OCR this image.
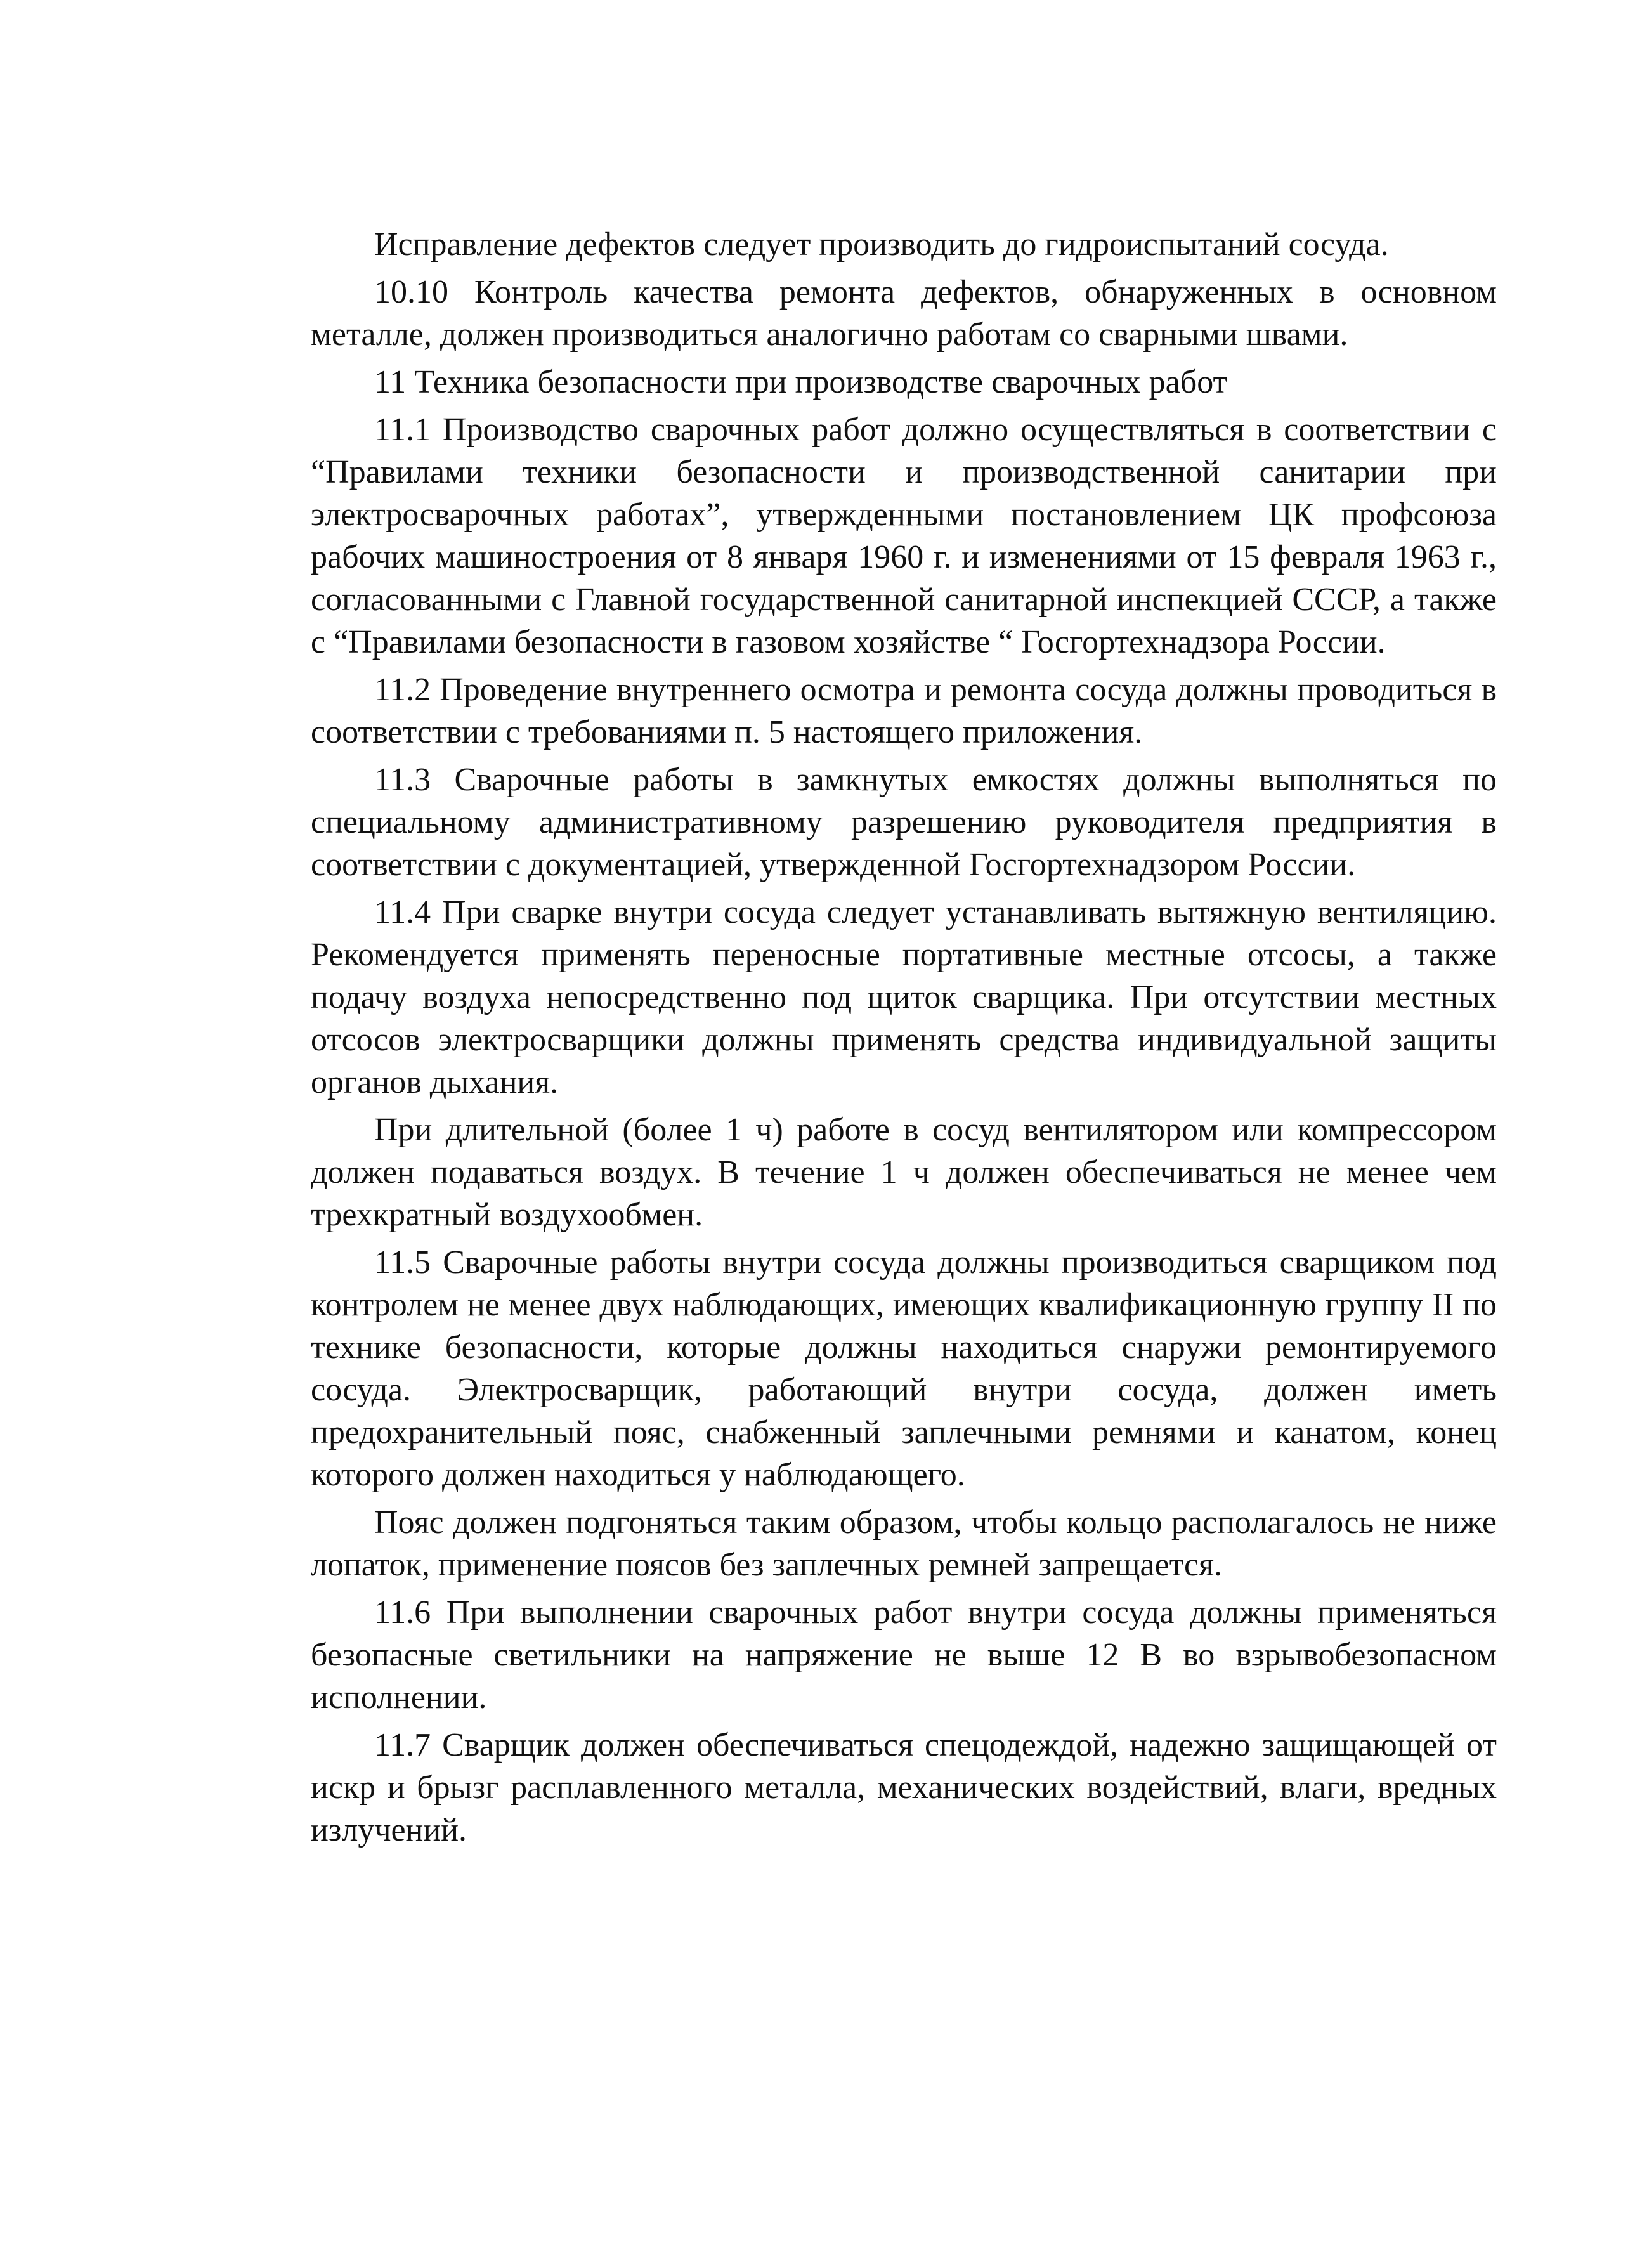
Исправление дефектов следует производить до гидроиспытаний сосуда.

10.10 Контроль качества ремонта дефектов, обнаруженных в основном металле, должен производиться аналогично работам со сварными швами.

11 Техника безопасности при производстве сварочных работ

11.1 Производство сварочных работ должно осуществляться в соответствии с “Правилами техники безопасности и производственной санитарии при электросварочных работах”, утвержденными постановлением ЦК профсоюза рабочих машиностроения от 8 января 1960 г. и изменениями от 15 февраля 1963 г., согласованными с Главной государственной санитарной инспекцией СССР, а также с “Правилами безопасности в газовом хозяйстве “ Госгортехнадзора России.

11.2 Проведение внутреннего осмотра и ремонта сосуда должны проводиться в соответствии с требованиями п. 5 настоящего приложения.

11.3 Сварочные работы в замкнутых емкостях должны выполняться по специальному административному разрешению руководителя предприятия в соответствии с документацией, утвержденной Госгортехнадзором России.

11.4 При сварке внутри сосуда следует устанавливать вытяжную вентиляцию. Рекомендуется применять переносные портативные местные отсосы, а также подачу воздуха непосредственно под щиток сварщика. При отсутствии местных отсосов электросварщики должны применять средства индивидуальной защиты органов дыхания.

При длительной (более 1 ч) работе в сосуд вентилятором или компрессором должен подаваться воздух. В течение 1 ч должен обеспечиваться не менее чем трехкратный воздухообмен.

11.5 Сварочные работы внутри сосуда должны производиться сварщиком под контролем не менее двух наблюдающих, имеющих квалификационную группу II по технике безопасности, которые должны находиться снаружи ремонтируемого сосуда. Электросварщик, работающий внутри сосуда, должен иметь предохранительный пояс, снабженный заплечными ремнями и канатом, конец которого должен находиться у наблюдающего.

Пояс должен подгоняться таким образом, чтобы кольцо располагалось не ниже лопаток, применение поясов без заплечных ремней запрещается.

11.6 При выполнении сварочных работ внутри сосуда должны применяться безопасные светильники на напряжение не выше 12 В во взрывобезопасном исполнении.

11.7 Сварщик должен обеспечиваться спецодеждой, надежно защищающей от искр и брызг расплавленного металла, механических воздействий, влаги, вредных излучений.
